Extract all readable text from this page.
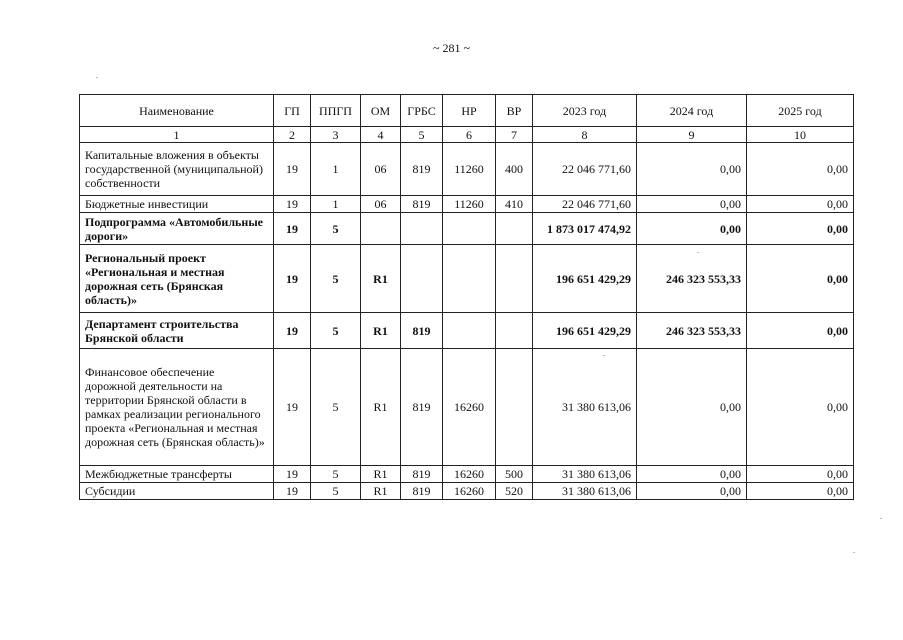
~ 281 ~
Наименование	ГП	ППГП	ОМ	ГРБС	НР	ВР	2023 год	2024 год	2025 год
1	2	3	4	5	6	7	8	9	10
Капитальные вложения в объекты государственной (муниципальной) собственности	19	1	06	819	11260	400	22 046 771,60	0,00	0,00
Бюджетные инвестиции	19	1	06	819	11260	410	22 046 771,60	0,00	0,00
Подпрограмма «Автомобильные дороги»	19	5					1 873 017 474,92	0,00	0,00
Региональный проект «Региональная и местная дорожная сеть (Брянская область)»	19	5	R1				196 651 429,29	246 323 553,33	0,00
Департамент строительства Брянской области	19	5	R1	819			196 651 429,29	246 323 553,33	0,00
Финансовое обеспечение дорожной деятельности на территории Брянской области в рамках реализации регионального проекта «Региональная и местная дорожная сеть (Брянская область)»	19	5	R1	819	16260		31 380 613,06	0,00	0,00
Межбюджетные трансферты	19	5	R1	819	16260	500	31 380 613,06	0,00	0,00
Субсидии	19	5	R1	819	16260	520	31 380 613,06	0,00	0,00
